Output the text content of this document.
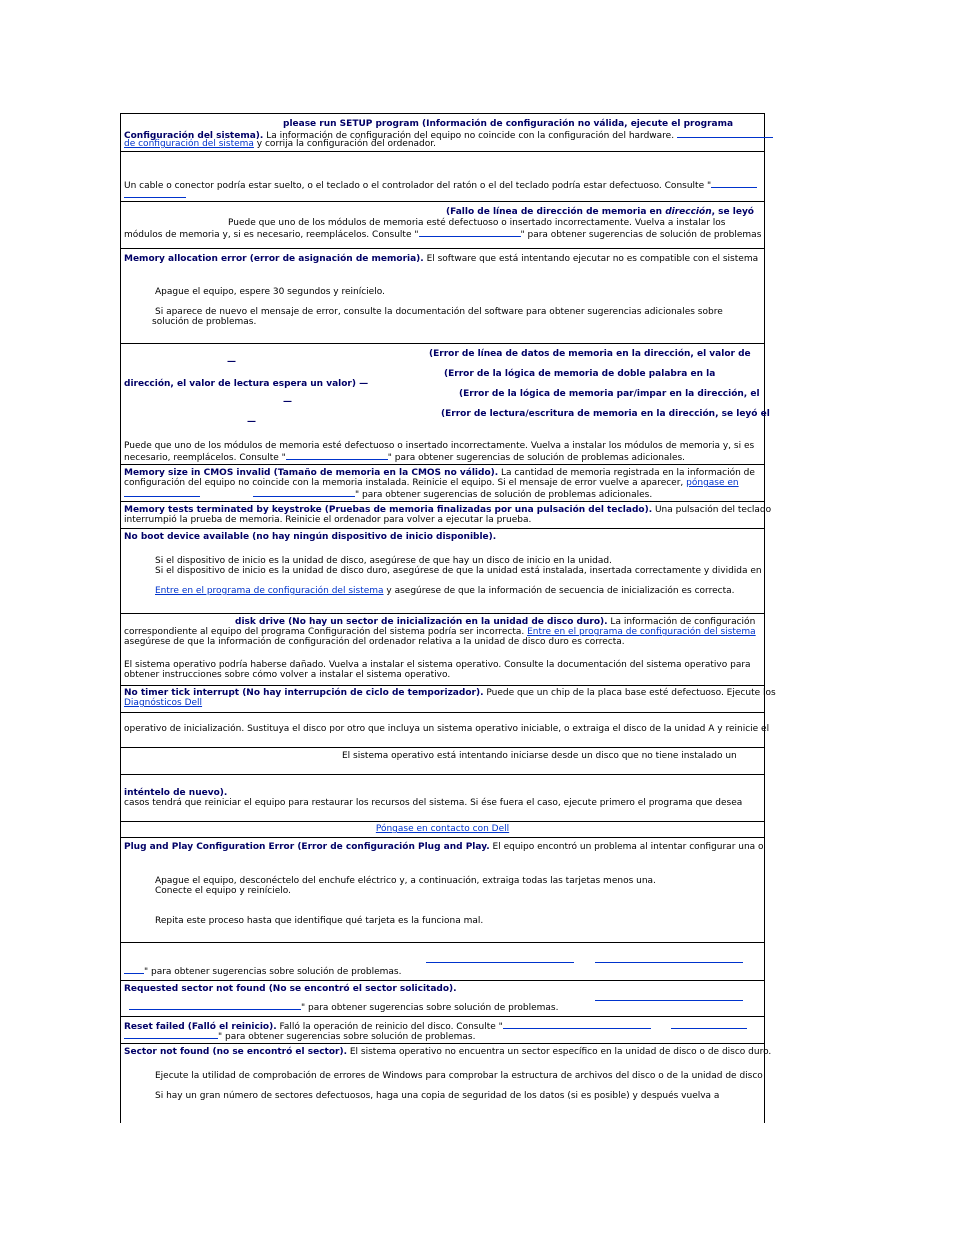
please run SETUP program (Información de configuración no válida, ejecute el programa
Configuración del sistema). La información de configuración del equipo no coincide con la configuración del hardware.
de configuración del sistema y corrija la configuración del ordenador.
Un cable o conector podría estar suelto, o el teclado o el controlador del ratón o el del teclado podría estar defectuoso. Consulte "
(Fallo de línea de dirección de memoria en dirección, se leyó
Puede que uno de los módulos de memoria esté defectuoso o insertado incorrectamente. Vuelva a instalar los
módulos de memoria y, si es necesario, reemplácelos. Consulte "	" para obtener sugerencias de solución de problemas
Memory allocation error (error de asignación de memoria). El software que está intentando ejecutar no es compatible con el sistema
Apague el equipo, espere 30 segundos y reinícielo.
Si aparece de nuevo el mensaje de error, consulte la documentación del software para obtener sugerencias adicionales sobre
solución de problemas.
(Error de línea de datos de memoria en la dirección, el valor de
—
(Error de la lógica de memoria de doble palabra en la
dirección, el valor de lectura espera un valor) —
(Error de la lógica de memoria par/impar en la dirección, el
—
(Error de lectura/escritura de memoria en la dirección, se leyó el
—
Puede que uno de los módulos de memoria esté defectuoso o insertado incorrectamente. Vuelva a instalar los módulos de memoria y, si es
necesario, reemplácelos. Consulte "	" para obtener sugerencias de solución de problemas adicionales.
Memory size in CMOS invalid (Tamaño de memoria en la CMOS no válido). La cantidad de memoria registrada en la información de
configuración del equipo no coincide con la memoria instalada. Reinicie el equipo. Si el mensaje de error vuelve a aparecer, póngase en
" para obtener sugerencias de solución de problemas adicionales.
Memory tests terminated by keystroke (Pruebas de memoria finalizadas por una pulsación del teclado). Una pulsación del teclado
interrumpió la prueba de memoria. Reinicie el ordenador para volver a ejecutar la prueba.
No boot device available (no hay ningún dispositivo de inicio disponible).
Si el dispositivo de inicio es la unidad de disco, asegúrese de que hay un disco de inicio en la unidad.
Si el dispositivo de inicio es la unidad de disco duro, asegúrese de que la unidad está instalada, insertada correctamente y dividida en
Entre en el programa de configuración del sistema y asegúrese de que la información de secuencia de inicialización es correcta.
disk drive (No hay un sector de inicialización en la unidad de disco duro). La información de configuración
correspondiente al equipo del programa Configuración del sistema podría ser incorrecta. Entre en el programa de configuración del sistema
asegúrese de que la información de configuración del ordenador relativa a la unidad de disco duro es correcta.
El sistema operativo podría haberse dañado. Vuelva a instalar el sistema operativo. Consulte la documentación del sistema operativo para
obtener instrucciones sobre cómo volver a instalar el sistema operativo.
No timer tick interrupt (No hay interrupción de ciclo de temporizador). Puede que un chip de la placa base esté defectuoso. Ejecute los
Diagnósticos Dell
operativo de inicialización. Sustituya el disco por otro que incluya un sistema operativo iniciable, o extraiga el disco de la unidad A y reinicie el
El sistema operativo está intentando iniciarse desde un disco que no tiene instalado un
inténtelo de nuevo).
casos tendrá que reiniciar el equipo para restaurar los recursos del sistema. Si ése fuera el caso, ejecute primero el programa que desea
Póngase en contacto con Dell
Plug and Play Configuration Error (Error de configuración Plug and Play. El equipo encontró un problema al intentar configurar una o
Apague el equipo, desconéctelo del enchufe eléctrico y, a continuación, extraiga todas las tarjetas menos una.
Conecte el equipo y reinícielo.
Repita este proceso hasta que identifique qué tarjeta es la funciona mal.
" para obtener sugerencias sobre solución de problemas.
Requested sector not found (No se encontró el sector solicitado).
" para obtener sugerencias sobre solución de problemas.
Reset failed (Falló el reinicio). Falló la operación de reinicio del disco. Consulte "
" para obtener sugerencias sobre solución de problemas.
Sector not found (no se encontró el sector). El sistema operativo no encuentra un sector específico en la unidad de disco o de disco duro.
Ejecute la utilidad de comprobación de errores de Windows para comprobar la estructura de archivos del disco o de la unidad de disco
Si hay un gran número de sectores defectuosos, haga una copia de seguridad de los datos (si es posible) y después vuelva a
